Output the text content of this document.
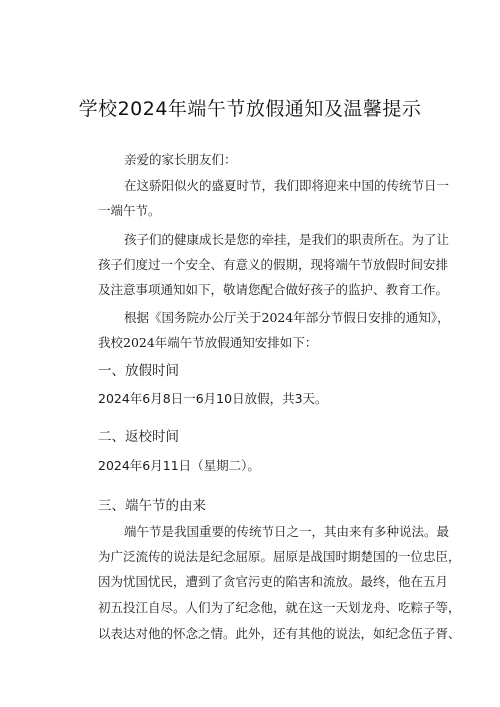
学校2024年端午节放假通知及温馨提示
亲爱的家长朋友们：
在这骄阳似火的盛夏时节，我们即将迎来中国的传统节日一
一端午节。
孩子们的健康成长是您的牵挂，是我们的职责所在。为了让
孩子们度过一个安全、有意义的假期，现将端午节放假时间安排
及注意事项通知如下，敬请您配合做好孩子的监护、教育工作。
根据《国务院办公厅关于2024年部分节假日安排的通知》，
我校2024年端午节放假通知安排如下：
一、放假时间
2024年6月8日一6月10日放假，共3天。
二、返校时间
2024年6月11日（星期二）。
三、端午节的由来
端午节是我国重要的传统节日之一，其由来有多种说法。最
为广泛流传的说法是纪念屈原。屈原是战国时期楚国的一位忠臣，
因为忧国忧民，遭到了贪官污吏的陷害和流放。最终，他在五月
初五投江自尽。人们为了纪念他，就在这一天划龙舟、吃粽子等，
以表达对他的怀念之情。此外，还有其他的说法，如纪念伍子胥、
